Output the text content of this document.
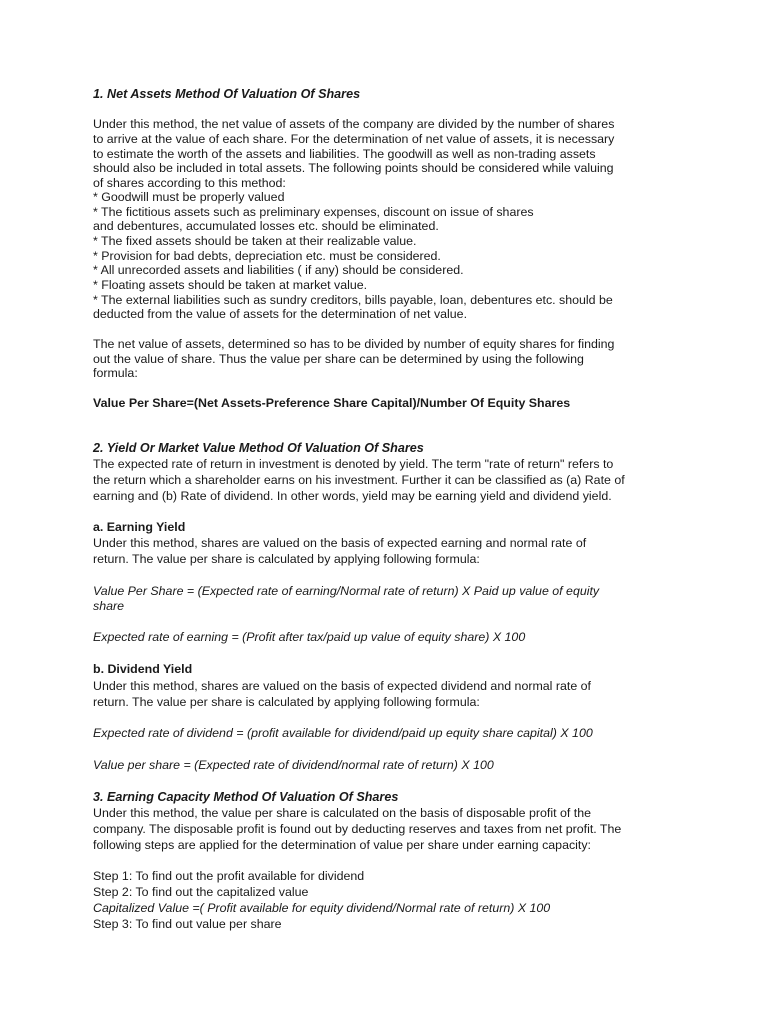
1. Net Assets Method Of Valuation Of Shares
Under this method, the net value of assets of the company are divided by the number of shares
to arrive at the value of each share. For the determination of net value of assets, it is necessary
to estimate the worth of the assets and liabilities. The goodwill as well as non-trading assets
should also be included in total assets. The following points should be considered while valuing
of shares according to this method:
* Goodwill must be properly valued
* The fictitious assets such as preliminary expenses, discount on issue of shares
and debentures, accumulated losses etc. should be eliminated.
* The fixed assets should be taken at their realizable value.
* Provision for bad debts, depreciation etc. must be considered.
* All unrecorded assets and liabilities ( if any) should be considered.
* Floating assets should be taken at market value.
* The external liabilities such as sundry creditors, bills payable, loan, debentures etc. should be
deducted from the value of assets for the determination of net value.
The net value of assets, determined so has to be divided by number of equity shares for finding
out the value of share. Thus the value per share can be determined by using the following
formula:
Value Per Share=(Net Assets-Preference Share Capital)/Number Of Equity Shares
2. Yield Or Market Value Method Of Valuation Of Shares
The expected rate of return in investment is denoted by yield. The term "rate of return" refers to
the return which a shareholder earns on his investment. Further it can be classified as (a) Rate of
earning and (b) Rate of dividend. In other words, yield may be earning yield and dividend yield.
a. Earning Yield
Under this method, shares are valued on the basis of expected earning and normal rate of
return. The value per share is calculated by applying following formula:
Value Per Share = (Expected rate of earning/Normal rate of return) X Paid up value of equity
share
Expected rate of earning = (Profit after tax/paid up value of equity share) X 100
b. Dividend Yield
Under this method, shares are valued on the basis of expected dividend and normal rate of
return. The value per share is calculated by applying following formula:
Expected rate of dividend = (profit available for dividend/paid up equity share capital) X 100
Value per share = (Expected rate of dividend/normal rate of return) X 100
3. Earning Capacity Method Of Valuation Of Shares
Under this method, the value per share is calculated on the basis of disposable profit of the
company. The disposable profit is found out by deducting reserves and taxes from net profit. The
following steps are applied for the determination of value per share under earning capacity:
Step 1: To find out the profit available for dividend
Step 2: To find out the capitalized value
Capitalized Value =( Profit available for equity dividend/Normal rate of return) X 100
Step 3: To find out value per share
